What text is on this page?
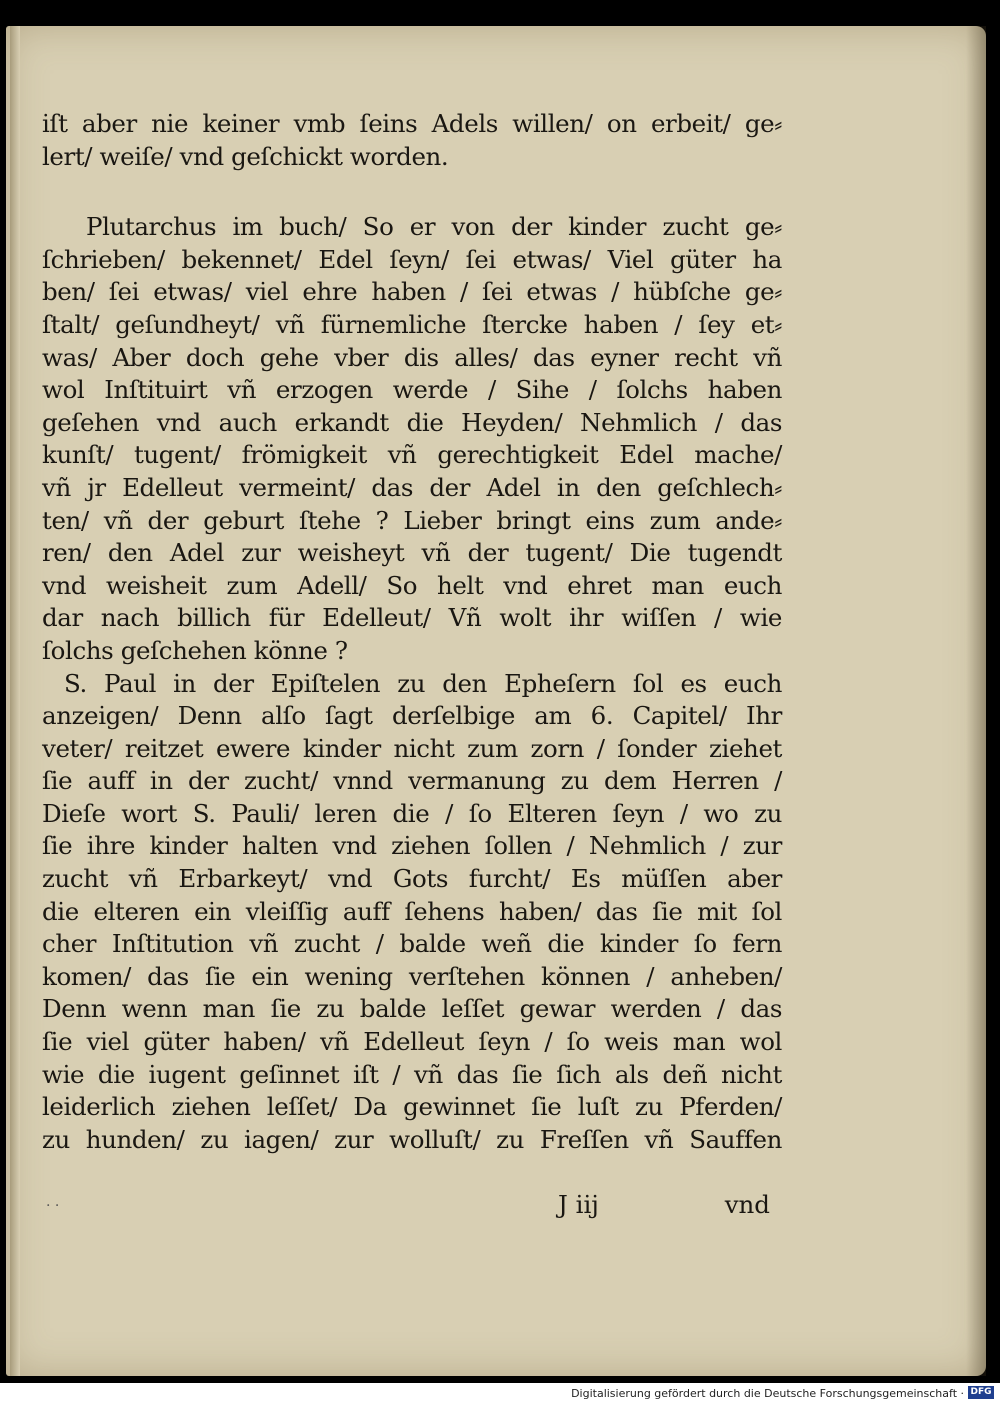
iſt aber nie keiner vmb ſeins Adels willen/ on erbeit/ ge⸗
lert/ weiſe/ vnd geſchickt worden.
Plutarchus im buch/ So er von der kinder zucht ge⸗
ſchrieben/ bekennet/ Edel ſeyn/ ſei etwas/ Viel güter ha
ben/ ſei etwas/ viel ehre haben / ſei etwas / hübſche ge⸗
ſtalt/ geſundheyt/ vñ fürnemliche ſtercke haben / ſey et⸗
was/ Aber doch gehe vber dis alles/ das eyner recht vñ
wol Inſtituirt vñ erzogen werde / Sihe / ſolchs haben
geſehen vnd auch erkandt die Heyden/ Nehmlich / das
kunſt/ tugent/ frömigkeit vñ gerechtigkeit Edel mache/
vñ jr Edelleut vermeint/ das der Adel in den geſchlech⸗
ten/ vñ der geburt ſtehe ? Lieber bringt eins zum ande⸗
ren/ den Adel zur weisheyt vñ der tugent/ Die tugendt
vnd weisheit zum Adell/ So helt vnd ehret man euch
dar nach billich für Edelleut/ Vñ wolt ihr wiſſen / wie
ſolchs geſchehen könne ?
S. Paul in der Epiſtelen zu den Epheſern ſol es euch
anzeigen/ Denn alſo ſagt derſelbige am 6. Capitel/ Ihr
veter/ reitzet ewere kinder nicht zum zorn / ſonder ziehet
ſie auff in der zucht/ vnnd vermanung zu dem Herren /
Dieſe wort S. Pauli/ leren die / ſo Elteren ſeyn / wo zu
ſie ihre kinder halten vnd ziehen ſollen / Nehmlich / zur
zucht vñ Erbarkeyt/ vnd Gots furcht/ Es müſſen aber
die elteren ein vleiſſig auff ſehens haben/ das ſie mit ſol
cher Inſtitution vñ zucht / balde weñ die kinder ſo fern
komen/ das ſie ein wening verſtehen können / anheben/
Denn wenn man ſie zu balde leſſet gewar werden / das
ſie viel güter haben/ vñ Edelleut ſeyn / ſo weis man wol
wie die iugent geſinnet iſt / vñ das ſie ſich als deñ nicht
leiderlich ziehen leſſet/ Da gewinnet ſie luſt zu Pferden/
zu hunden/ zu iagen/ zur wolluſt/ zu Freſſen vñ Sauffen
. .	J iij	vnd
Digitalisierung gefördert durch die Deutsche Forschungsgemeinschaft · DFG
